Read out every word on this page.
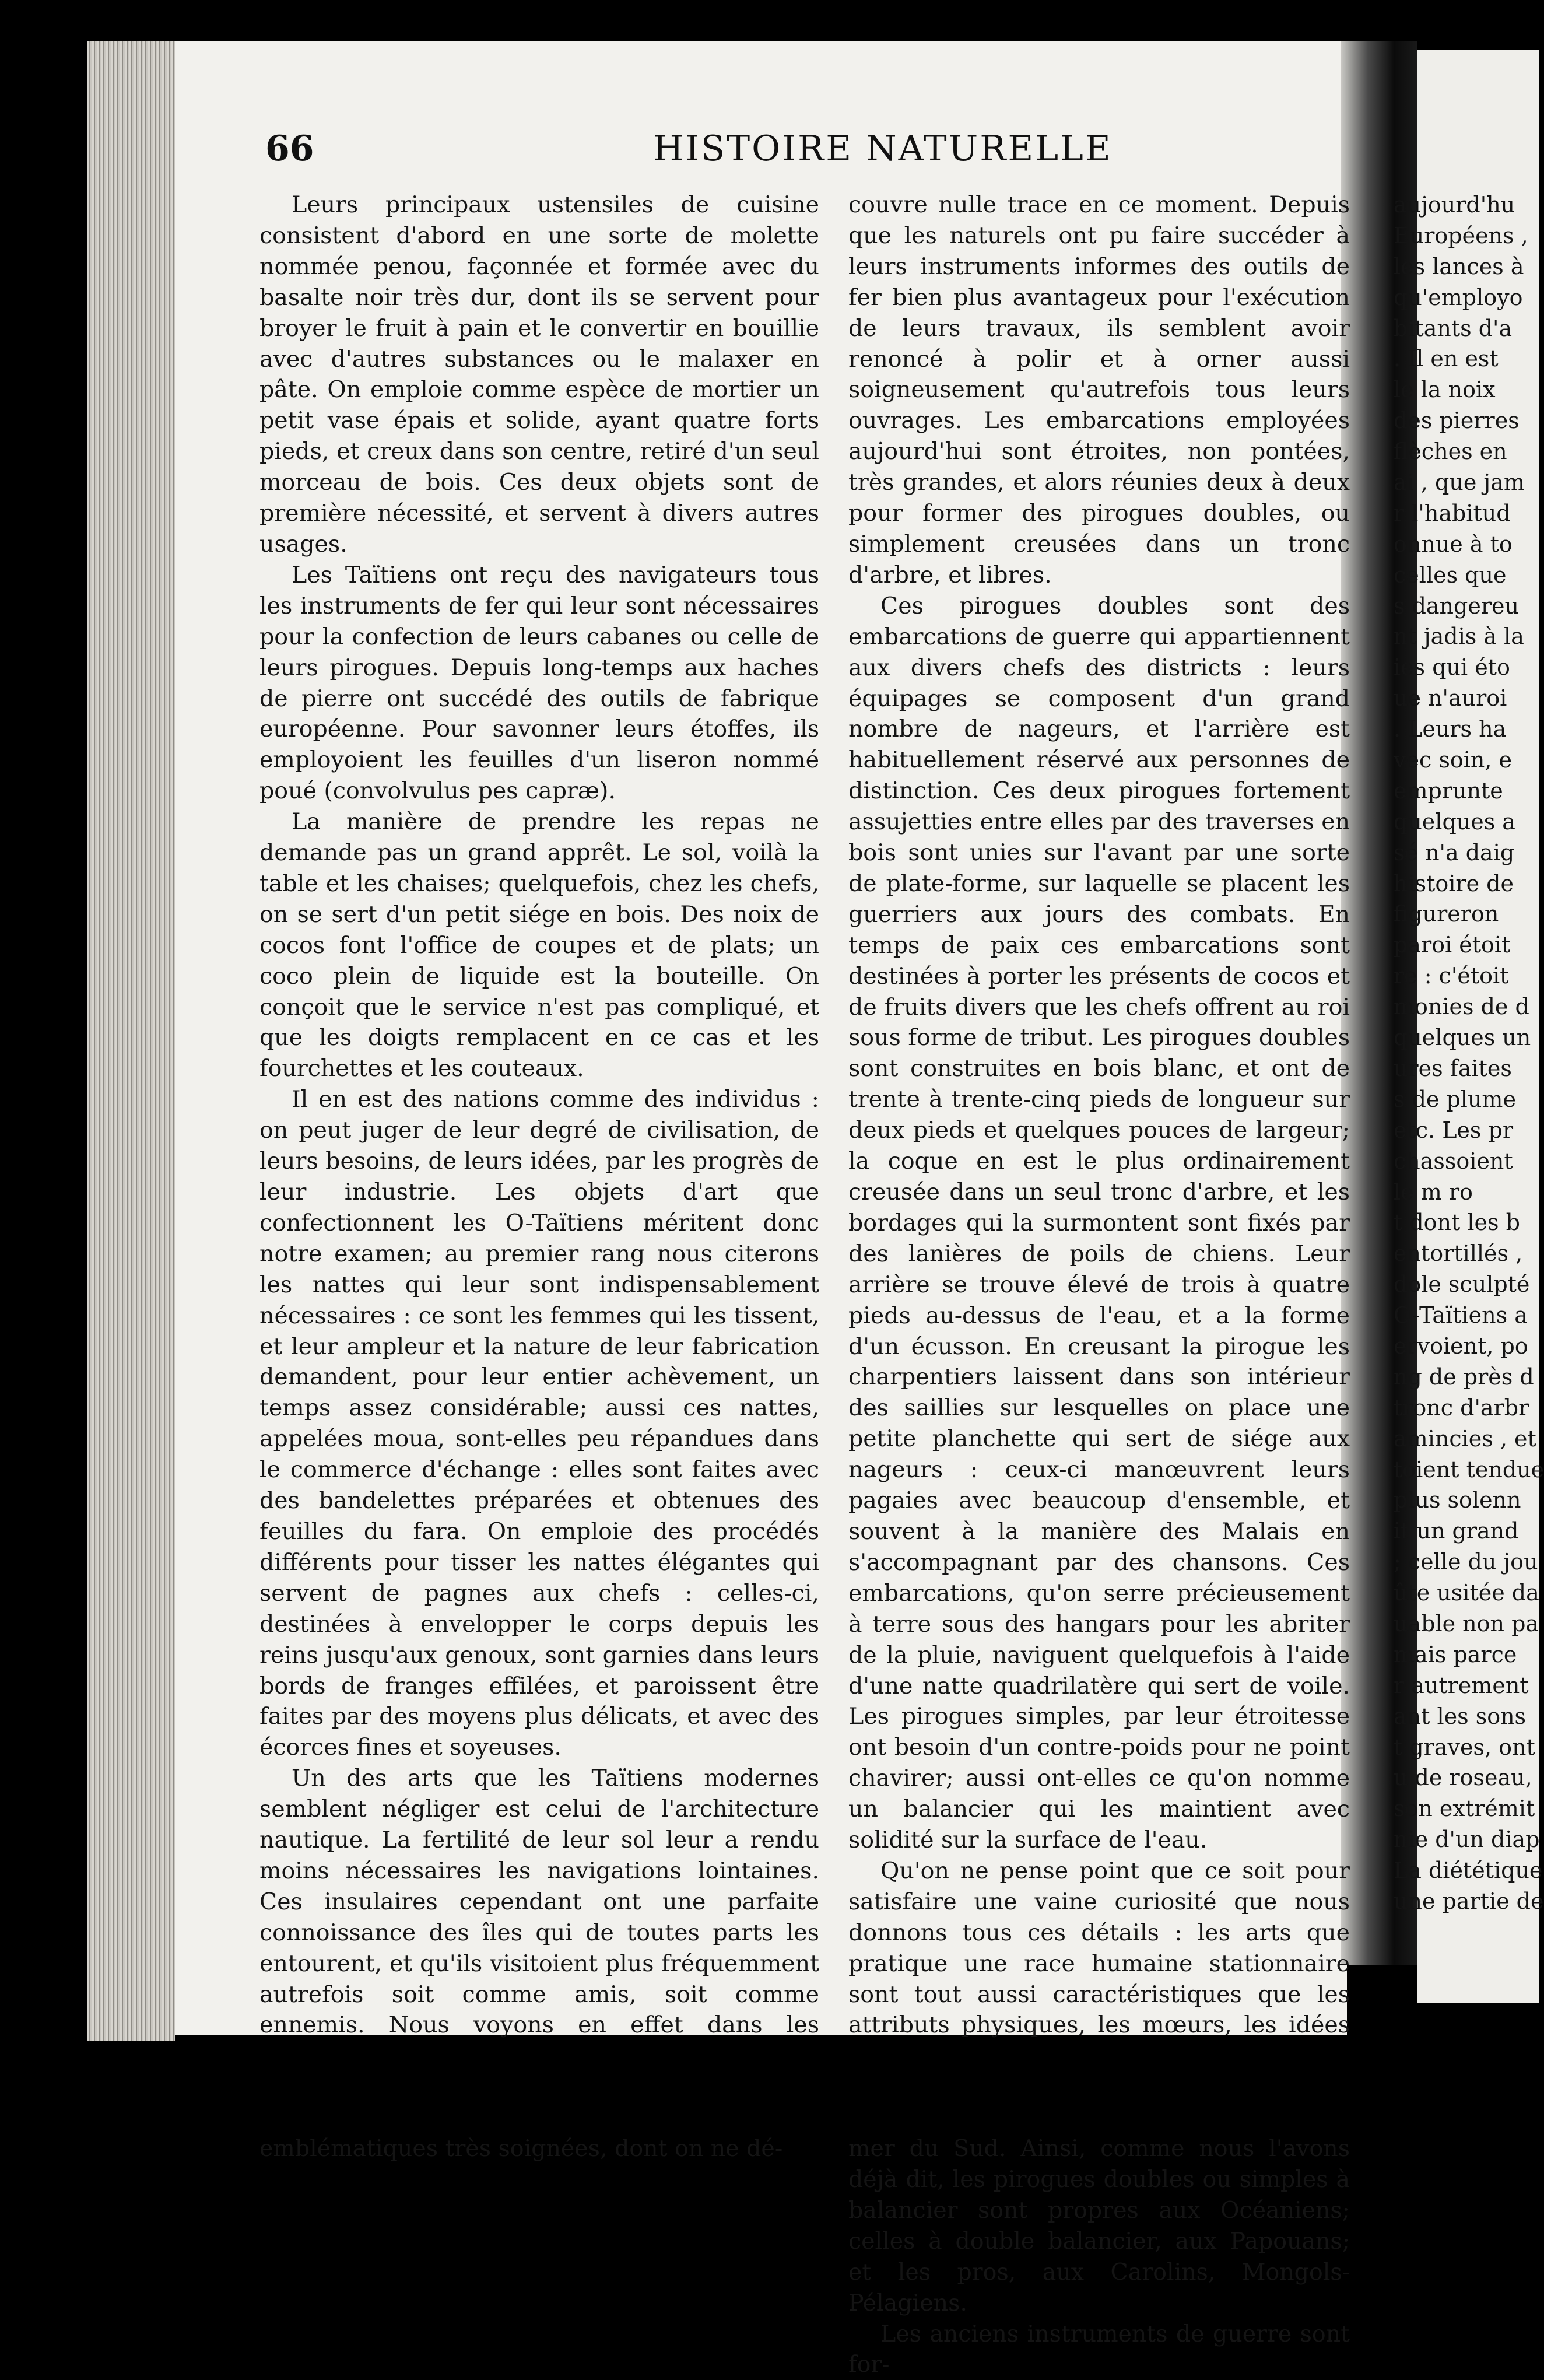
66	HISTOIRE NATURELLE

Leurs principaux ustensiles de cuisine consistent d'abord en une sorte de molette nommée penou, façonnée et formée avec du basalte noir très dur, dont ils se servent pour broyer le fruit à pain et le convertir en bouillie avec d'autres substances ou le malaxer en pâte. On emploie comme espèce de mortier un petit vase épais et solide, ayant quatre forts pieds, et creux dans son centre, retiré d'un seul morceau de bois. Ces deux objets sont de première nécessité, et servent à divers autres usages.

Les Taïtiens ont reçu des navigateurs tous les instruments de fer qui leur sont nécessaires pour la confection de leurs cabanes ou celle de leurs pirogues. Depuis long-temps aux haches de pierre ont succédé des outils de fabrique européenne. Pour savonner leurs étoffes, ils employoient les feuilles d'un liseron nommé poué (convolvulus pes capræ).

La manière de prendre les repas ne demande pas un grand apprêt. Le sol, voilà la table et les chaises; quelquefois, chez les chefs, on se sert d'un petit siége en bois. Des noix de cocos font l'office de coupes et de plats; un coco plein de liquide est la bouteille. On conçoit que le service n'est pas compliqué, et que les doigts remplacent en ce cas et les fourchettes et les couteaux.

Il en est des nations comme des individus : on peut juger de leur degré de civilisation, de leurs besoins, de leurs idées, par les progrès de leur industrie. Les objets d'art que confectionnent les O-Taïtiens méritent donc notre examen; au premier rang nous citerons les nattes qui leur sont indispensablement nécessaires : ce sont les femmes qui les tissent, et leur ampleur et la nature de leur fabrication demandent, pour leur entier achèvement, un temps assez considérable; aussi ces nattes, appelées moua, sont-elles peu répandues dans le commerce d'échange : elles sont faites avec des bandelettes préparées et obtenues des feuilles du fara. On emploie des procédés différents pour tisser les nattes élégantes qui servent de pagnes aux chefs : celles-ci, destinées à envelopper le corps depuis les reins jusqu'aux genoux, sont garnies dans leurs bords de franges effilées, et paroissent être faites par des moyens plus délicats, et avec des écorces fines et soyeuses.

Un des arts que les Taïtiens modernes semblent négliger est celui de l'architecture nautique. La fertilité de leur sol leur a rendu moins nécessaires les navigations lointaines. Ces insulaires cependant ont une parfaite connoissance des îles qui de toutes parts les entourent, et qu'ils visitoient plus fréquemment autrefois soit comme amis, soit comme ennemis. Nous voyons en effet dans les emblématiques très soignées, dont on ne dé-

couvre nulle trace en ce moment. Depuis que les naturels ont pu faire succéder à leurs instruments informes des outils de fer bien plus avantageux pour l'exécution de leurs travaux, ils semblent avoir renoncé à polir et à orner aussi soigneusement qu'autrefois tous leurs ouvrages. Les embarcations employées aujourd'hui sont étroites, non pontées, très grandes, et alors réunies deux à deux pour former des pirogues doubles, ou simplement creusées dans un tronc d'arbre, et libres.

Ces pirogues doubles sont des embarcations de guerre qui appartiennent aux divers chefs des districts : leurs équipages se composent d'un grand nombre de nageurs, et l'arrière est habituellement réservé aux personnes de distinction. Ces deux pirogues fortement assujetties entre elles par des traverses en bois sont unies sur l'avant par une sorte de plate-forme, sur laquelle se placent les guerriers aux jours des combats. En temps de paix ces embarcations sont destinées à porter les présents de cocos et de fruits divers que les chefs offrent au roi sous forme de tribut. Les pirogues doubles sont construites en bois blanc, et ont de trente à trente-cinq pieds de longueur sur deux pieds et quelques pouces de largeur; la coque en est le plus ordinairement creusée dans un seul tronc d'arbre, et les bordages qui la surmontent sont fixés par des lanières de poils de chiens. Leur arrière se trouve élevé de trois à quatre pieds au-dessus de l'eau, et a la forme d'un écusson. En creusant la pirogue les charpentiers laissent dans son intérieur des saillies sur lesquelles on place une petite planchette qui sert de siége aux nageurs : ceux-ci manœuvrent leurs pagaies avec beaucoup d'ensemble, et souvent à la manière des Malais en s'accompagnant par des chansons. Ces embarcations, qu'on serre précieusement à terre sous des hangars pour les abriter de la pluie, naviguent quelquefois à l'aide d'une natte quadrilatère qui sert de voile. Les pirogues simples, par leur étroitesse ont besoin d'un contre-poids pour ne point chavirer; aussi ont-elles ce qu'on nomme un balancier qui les maintient avec solidité sur la surface de l'eau.

Qu'on ne pense point que ce soit pour satisfaire une vaine curiosité que nous donnons tous ces détails : les arts que pratique une race humaine stationnaire sont tout aussi caractéristiques que les attributs physiques, les mœurs, les idées mer du Sud. Ainsi, comme nous l'avons déjà dit, les pirogues doubles ou simples à balancier sont propres aux Océaniens; celles à double balancier, aux Papouans; et les pros, aux Carolins, Mongols-Pélagiens.

Les anciens instruments de guerre sont for-

aujourd'hu
Européens ,
les lances à
qu'employo
bitants d'a
. Il en est
le la noix
des pierres
flèches en
ai , que jam
r l'habitud
onnue à to
celles que
s dangereu
nt jadis à la
ies qui éto
ue n'auroi
. Leurs ha
vec soin, e
emprunte
quelques a
sé n'a daig
histoire de
figureron
paroi étoit
re : c'étoit
monies de d
quelques un
ures faites
s de plume
etc. Les pr
chassoient
le m ro
t dont les b
entortillés ,
dole sculpté
O-Taïtiens a
ervoient, po
ng de près d
tronc d'arbr
amincies , et
toient tendue
plus solenn
it un grand
; celle du jou
ûte usitée da
uable non pa
mais parce
r autrement
ant les sons
t graves, ont
u de roseau,
son extrémit
nie d'un diap
La diététique
une partie de
